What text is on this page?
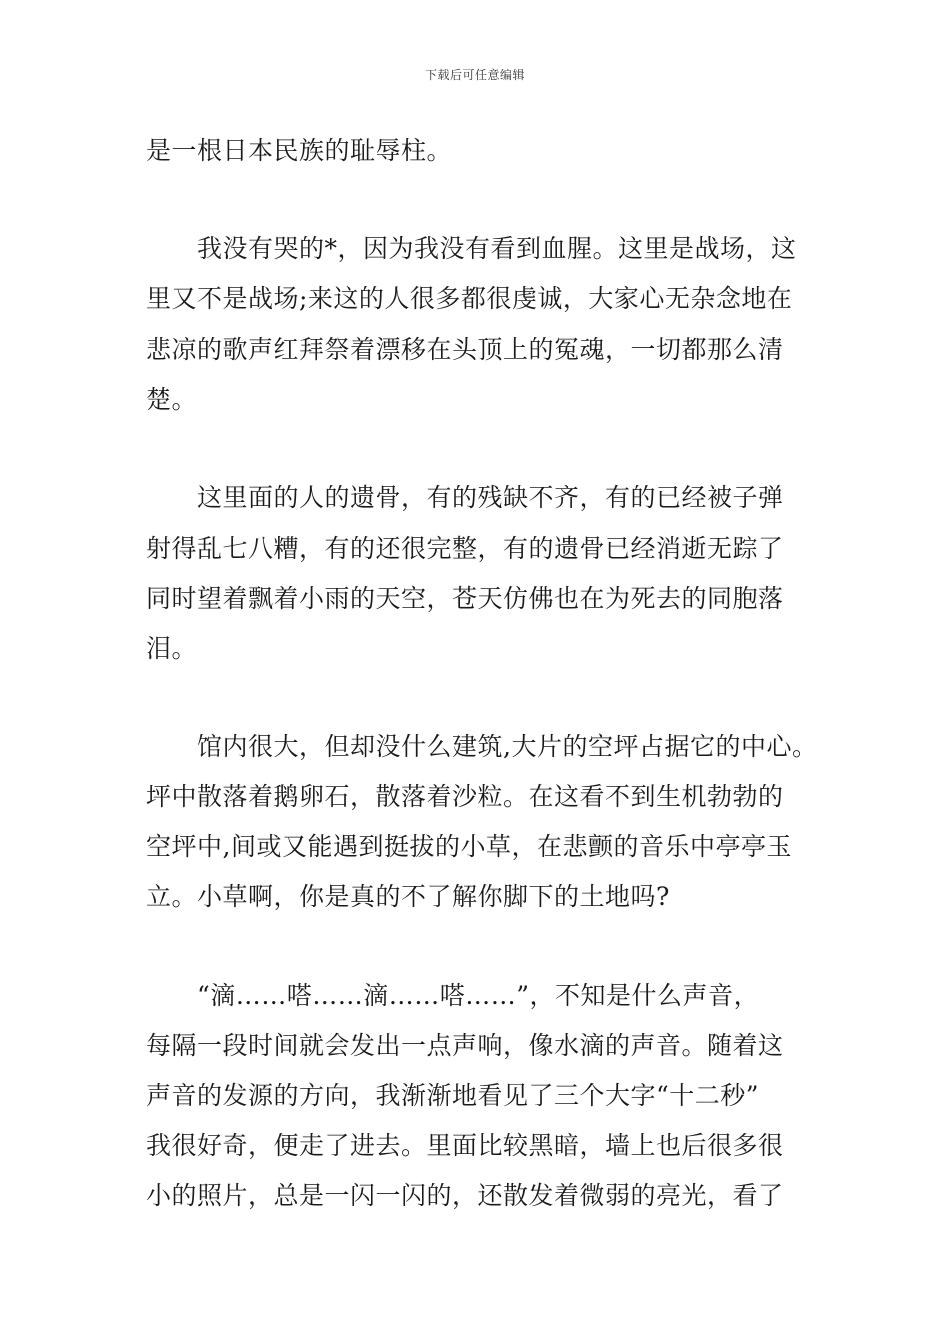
下载后可任意编辑
是一根日本民族的耻辱柱。
我没有哭的*，因为我没有看到血腥。这里是战场，这
里又不是战场;来这的人很多都很虔诚，大家心无杂念地在
悲凉的歌声红拜祭着漂移在头顶上的冤魂，一切都那么清
楚。
这里面的人的遗骨，有的残缺不齐，有的已经被子弹
射得乱七八糟，有的还很完整，有的遗骨已经消逝无踪了
同时望着飘着小雨的天空，苍天仿佛也在为死去的同胞落
泪。
馆内很大，但却没什么建筑,大片的空坪占据它的中心。
坪中散落着鹅卵石，散落着沙粒。在这看不到生机勃勃的
空坪中,间或又能遇到挺拔的小草，在悲颤的音乐中亭亭玉
立。小草啊，你是真的不了解你脚下的土地吗?
“滴……嗒……滴……嗒……”，不知是什么声音，
每隔一段时间就会发出一点声响，像水滴的声音。随着这
声音的发源的方向，我渐渐地看见了三个大字“十二秒”
我很好奇，便走了进去。里面比较黑暗，墙上也后很多很
小的照片，总是一闪一闪的，还散发着微弱的亮光，看了
